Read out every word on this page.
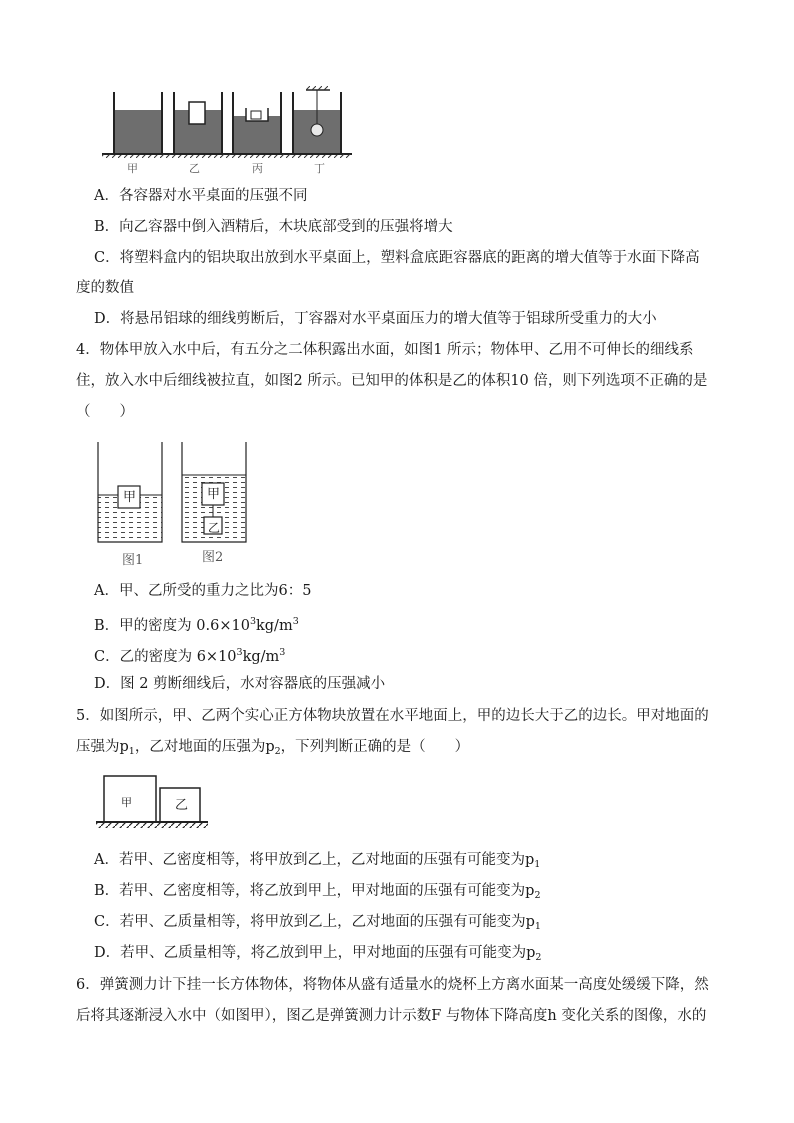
甲	乙	丙	丁
A．各容器对水平桌面的压强不同
B．向乙容器中倒入酒精后，木块底部受到的压强将增大
C．将塑料盒内的铝块取出放到水平桌面上，塑料盒底距容器底的距离的增大值等于水面下降高
度的数值
D．将悬吊铝球的细线剪断后，丁容器对水平桌面压力的增大值等于铝球所受重力的大小
4．物体甲放入水中后，有五分之二体积露出水面，如图1 所示；物体甲、乙用不可伸长的细线系
住，放入水中后细线被拉直，如图2 所示。已知甲的体积是乙的体积10 倍，则下列选项不正确的是
（　　）
甲	甲
乙
图1	图2
A．甲、乙所受的重力之比为6：5
B．甲的密度为 $0.6\times 10^3kg/m^3$
C．乙的密度为 $6\times 10^3kg/m^3$
D．图 2 剪断细线后，水对容器底的压强减小
5．如图所示，甲、乙两个实心正方体物块放置在水平地面上，甲的边长大于乙的边长。甲对地面的
压强为$p_1$，乙对地面的压强为$p_2$，下列判断正确的是（　　）
甲	乙
A．若甲、乙密度相等，将甲放到乙上，乙对地面的压强有可能变为$p_1$
B．若甲、乙密度相等，将乙放到甲上，甲对地面的压强有可能变为$p_2$
C．若甲、乙质量相等，将甲放到乙上，乙对地面的压强有可能变为$p_1$
D．若甲、乙质量相等，将乙放到甲上，甲对地面的压强有可能变为$p_2$
6．弹簧测力计下挂一长方体物体，将物体从盛有适量水的烧杯上方离水面某一高度处缓缓下降，然
后将其逐渐浸入水中（如图甲），图乙是弹簧测力计示数F 与物体下降高度h 变化关系的图像，水的
